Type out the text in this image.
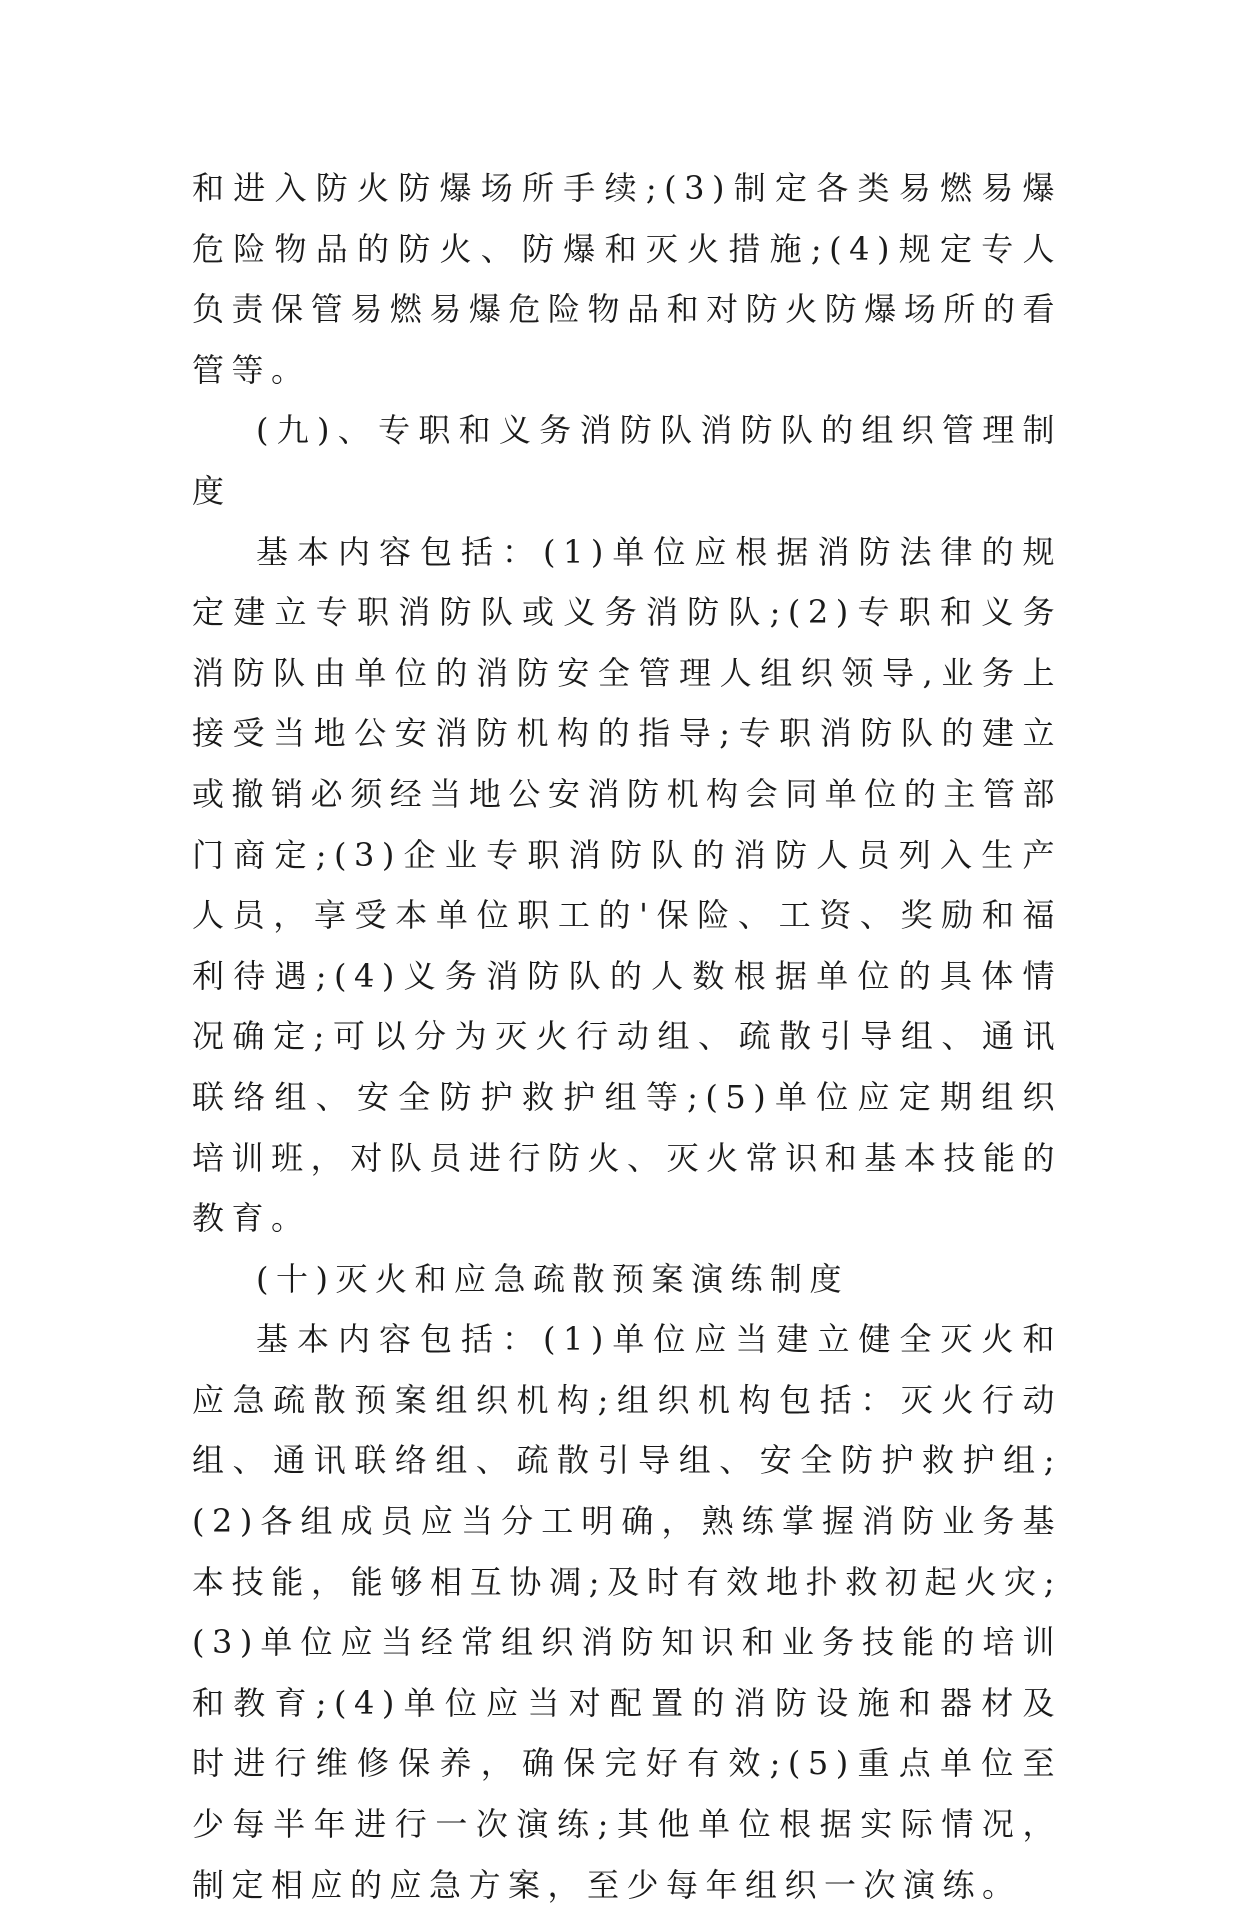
和进入防火防爆场所手续;(3)制定各类易燃易爆危险物品的防火、防爆和灭火措施;(4)规定专人负责保管易燃易爆危险物品和对防火防爆场所的看管等。

(九)、专职和义务消防队消防队的组织管理制度

基本内容包括：(1)单位应根据消防法律的规定建立专职消防队或义务消防队;(2)专职和义务消防队由单位的消防安全管理人组织领导,业务上接受当地公安消防机构的指导;专职消防队的建立或撤销必须经当地公安消防机构会同单位的主管部门商定;(3)企业专职消防队的消防人员列入生产人员，享受本单位职工的'保险、工资、奖励和福利待遇;(4)义务消防队的人数根据单位的具体情况确定;可以分为灭火行动组、疏散引导组、通讯联络组、安全防护救护组等;(5)单位应定期组织培训班，对队员进行防火、灭火常识和基本技能的教育。

(十)灭火和应急疏散预案演练制度

基本内容包括：(1)单位应当建立健全灭火和应急疏散预案组织机构;组织机构包括：灭火行动组、通讯联络组、疏散引导组、安全防护救护组;(2)各组成员应当分工明确，熟练掌握消防业务基本技能，能够相互协凋;及时有效地扑救初起火灾;(3)单位应当经常组织消防知识和业务技能的培训和教育;(4)单位应当对配置的消防设施和器材及时进行维修保养，确保完好有效;(5)重点单位至少每半年进行一次演练;其他单位根据实际情况，制定相应的应急方案，至少每年组织一次演练。
